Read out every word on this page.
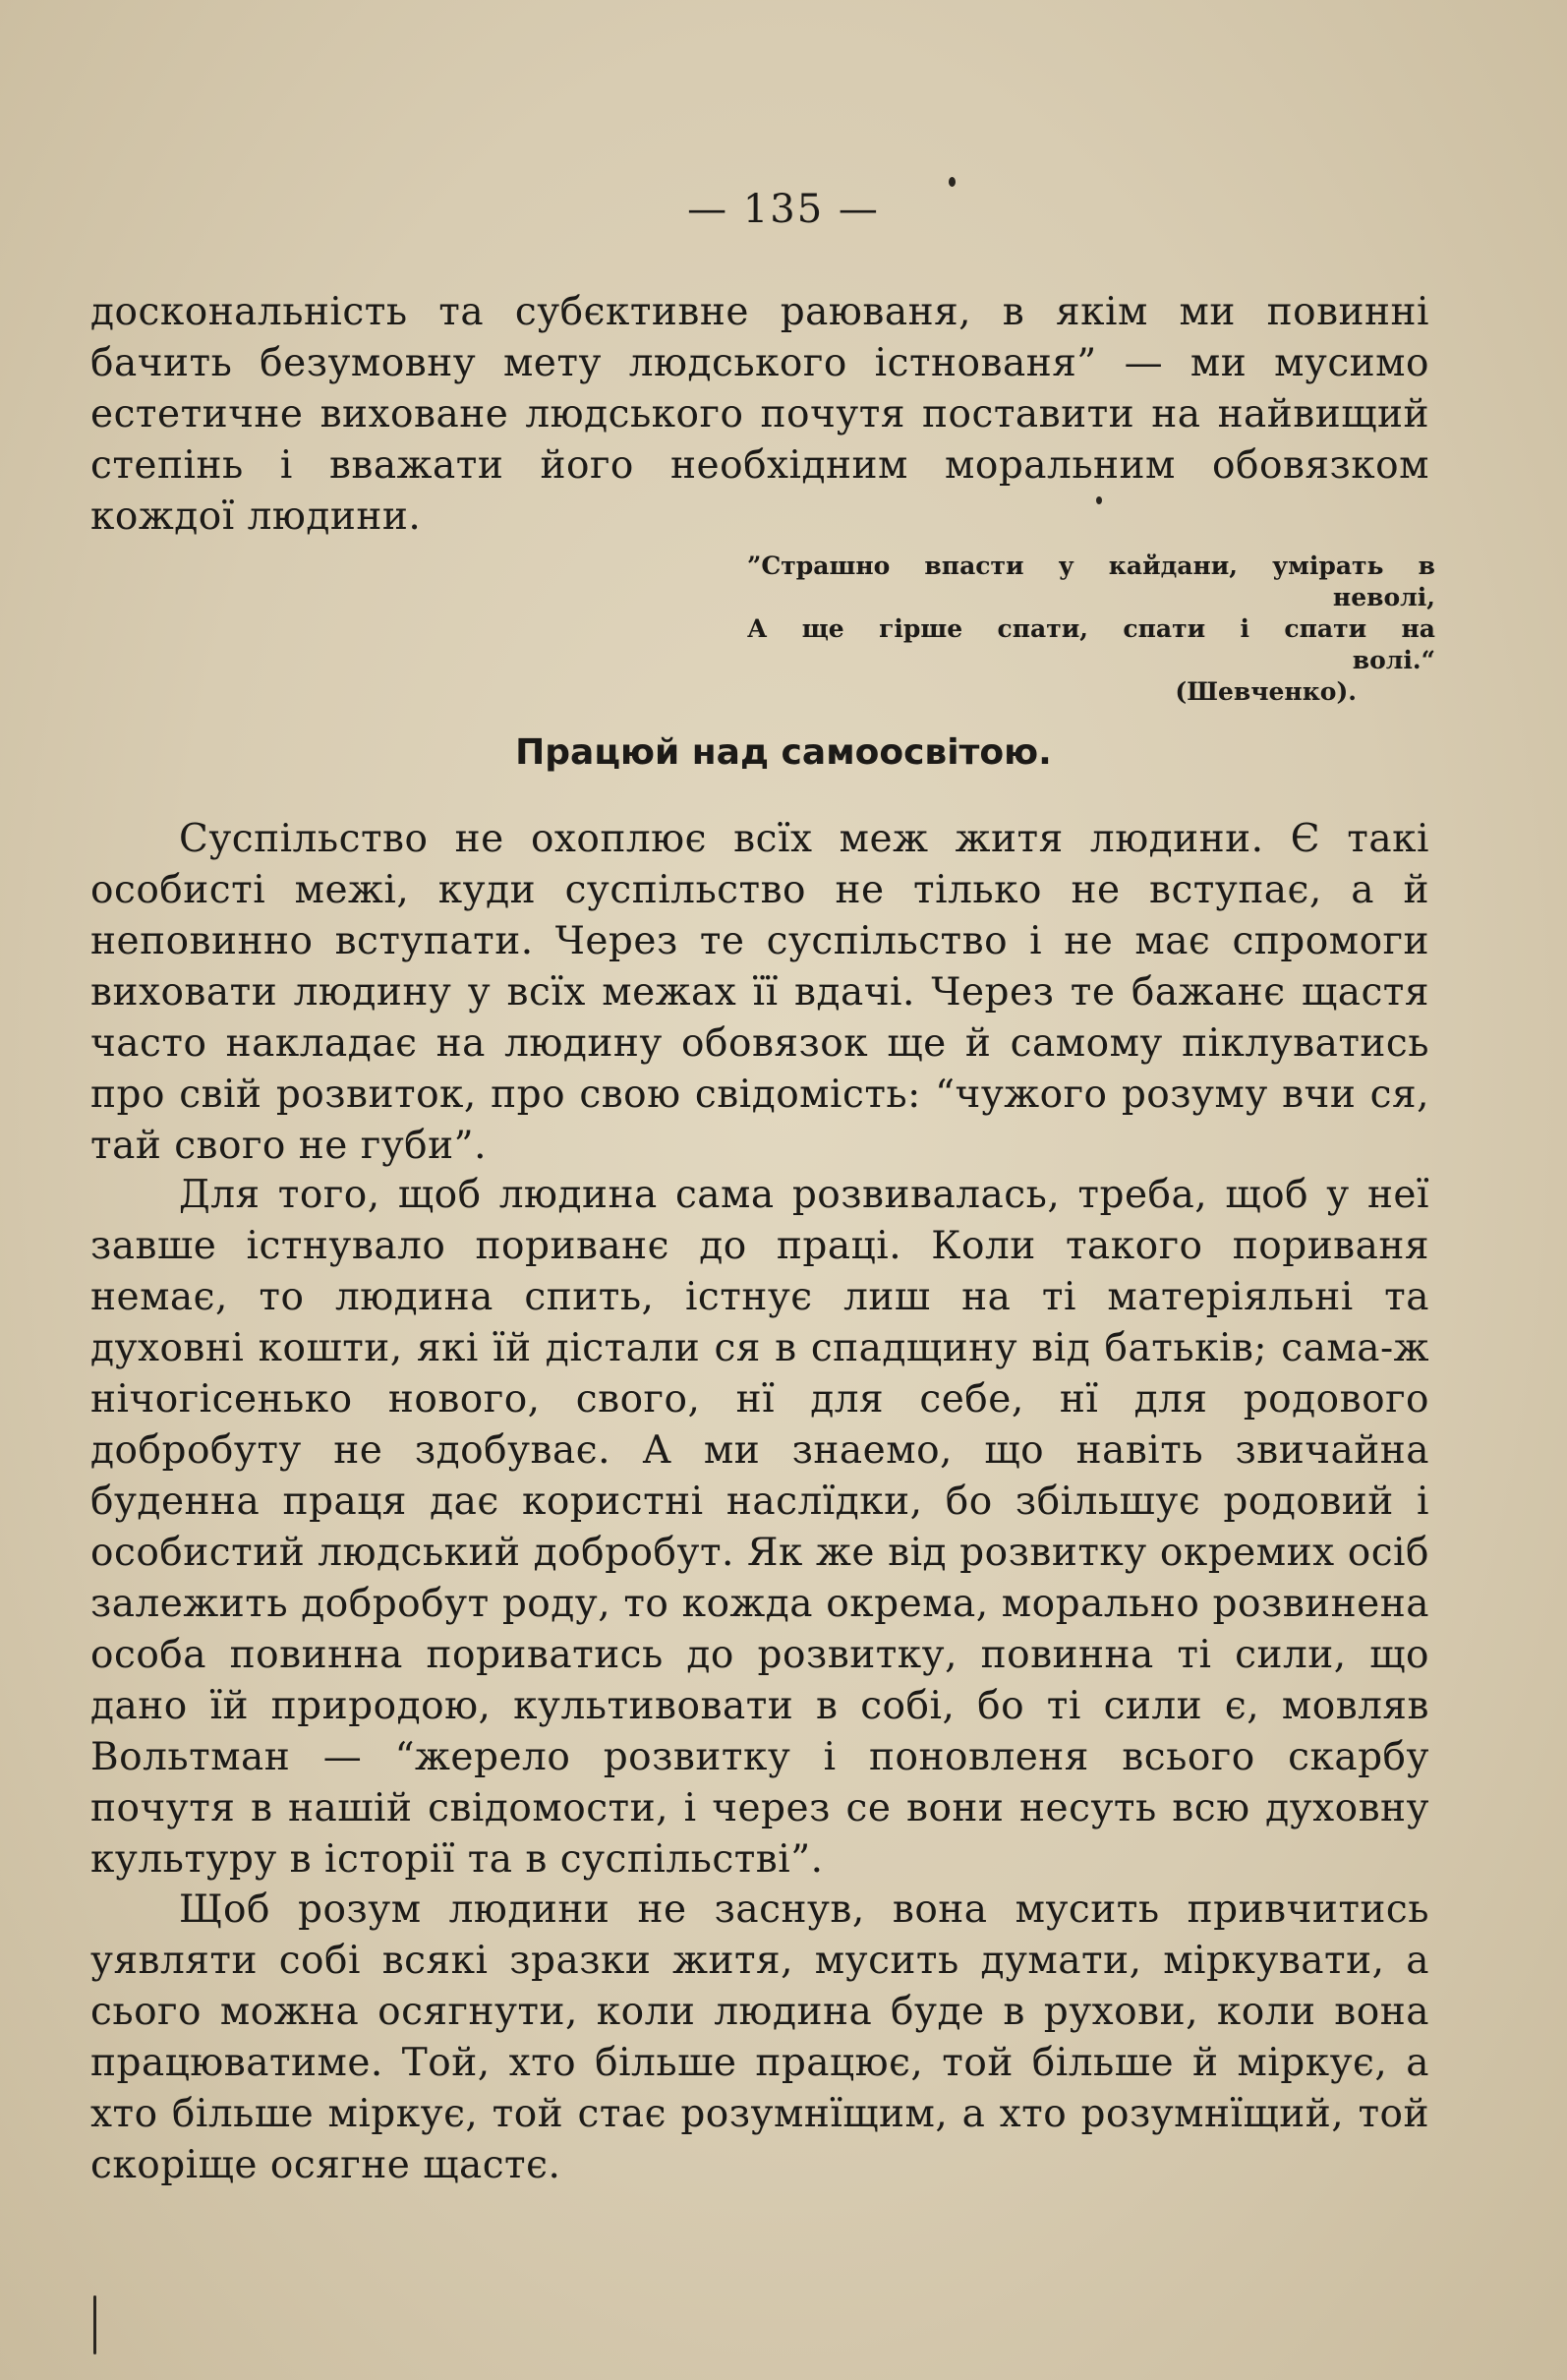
— 135 —

доскональність та субєктивне раюваня, в якім ми повинні бачить безумовну мету людського істнованя” — ми мусимо естетичне виховане людського почутя поставити на найвищий степінь і вважати його необхідним моральним обовязком кождої людини.

”Страшно впасти у кайдани, умірать в
неволі,
А ще гірше спати, спати і спати на
волі.“
(Шевченко).
Працюй над самоосвітою.

Суспільство не охоплює всїх меж житя людини. Є такі особисті межі, куди суспільство не тілько не вступає, а й неповинно вступати. Через те суспільство і не має спромоги виховати людину у всїх межах її вдачі. Через те бажанє щастя часто накладає на людину обовязок ще й самому піклуватись про свій розвиток, про свою свідомість: “чужого розуму вчи ся, тай свого не губи”.

Для того, щоб людина сама розвивалась, треба, щоб у неї завше істнувало пориванє до праці. Коли такого пориваня немає, то людина спить, істнує лиш на ті матеріяльні та духовні кошти, які їй дістали ся в спадщину від батьків; сама-ж нічогісенько нового, свого, нї для себе, нї для родового добробуту не здобуває. А ми знаемо, що навіть звичайна буденна праця дає користні наслїдки, бо збільшує родовий і особистий людський добробут. Як же від розвитку окремих осіб залежить добробут роду, то кожда окрема, морально розвинена особа повинна пориватись до розвитку, повинна ті сили, що дано їй природою, культивовати в собі, бо ті сили є, мовляв Вольтман — “жерело розвитку і поновленя всього скарбу почутя в нашій свідомости, і через се вони несуть всю духовну культуру в історії та в суспільстві”.

Щоб розум людини не заснув, вона мусить привчитись уявляти собі всякі зразки житя, мусить думати, міркувати, а сього можна осягнути, коли людина буде в рухови, коли вона працюватиме. Той, хто більше працює, той більше й міркує, а хто більше міркує, той стає розумнїщим, а хто розумнїщий, той скоріще осягне щастє.
